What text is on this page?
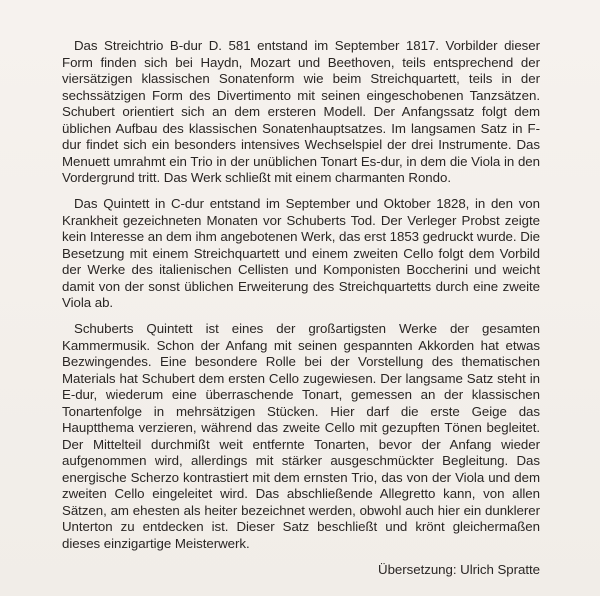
Das Streichtrio B-dur D. 581 entstand im September 1817. Vorbilder dieser Form finden sich bei Haydn, Mozart und Beethoven, teils entsprechend der viersätzigen klassischen Sonatenform wie beim Streichquartett, teils in der sechssätzigen Form des Divertimento mit seinen eingeschobenen Tanzsätzen. Schubert orientiert sich an dem ersteren Modell. Der Anfangssatz folgt dem üblichen Aufbau des klassischen Sonatenhauptsatzes. Im langsamen Satz in F-dur findet sich ein besonders intensives Wechselspiel der drei Instrumente. Das Menuett umrahmt ein Trio in der unüblichen Tonart Es-dur, in dem die Viola in den Vordergrund tritt. Das Werk schließt mit einem charmanten Rondo.

Das Quintett in C-dur entstand im September und Oktober 1828, in den von Krankheit gezeichneten Monaten vor Schuberts Tod. Der Verleger Probst zeigte kein Interesse an dem ihm angebotenen Werk, das erst 1853 gedruckt wurde. Die Besetzung mit einem Streichquartett und einem zweiten Cello folgt dem Vorbild der Werke des italienischen Cellisten und Komponisten Boccherini und weicht damit von der sonst üblichen Erweiterung des Streichquartetts durch eine zweite Viola ab.

Schuberts Quintett ist eines der großartigsten Werke der gesamten Kammermusik. Schon der Anfang mit seinen gespannten Akkorden hat etwas Bezwingendes. Eine besondere Rolle bei der Vorstellung des thematischen Materials hat Schubert dem ersten Cello zugewiesen. Der langsame Satz steht in E-dur, wiederum eine überraschende Tonart, gemessen an der klassischen Tonartenfolge in mehrsätzigen Stücken. Hier darf die erste Geige das Hauptthema verzieren, während das zweite Cello mit gezupften Tönen begleitet. Der Mittelteil durchmißt weit entfernte Tonarten, bevor der Anfang wieder aufgenommen wird, allerdings mit stärker ausgeschmückter Begleitung. Das energische Scherzo kontrastiert mit dem ernsten Trio, das von der Viola und dem zweiten Cello eingeleitet wird. Das abschließende Allegretto kann, von allen Sätzen, am ehesten als heiter bezeichnet werden, obwohl auch hier ein dunklerer Unterton zu entdecken ist. Dieser Satz beschließt und krönt gleichermaßen dieses einzigartige Meisterwerk.

Übersetzung: Ulrich Spratte
